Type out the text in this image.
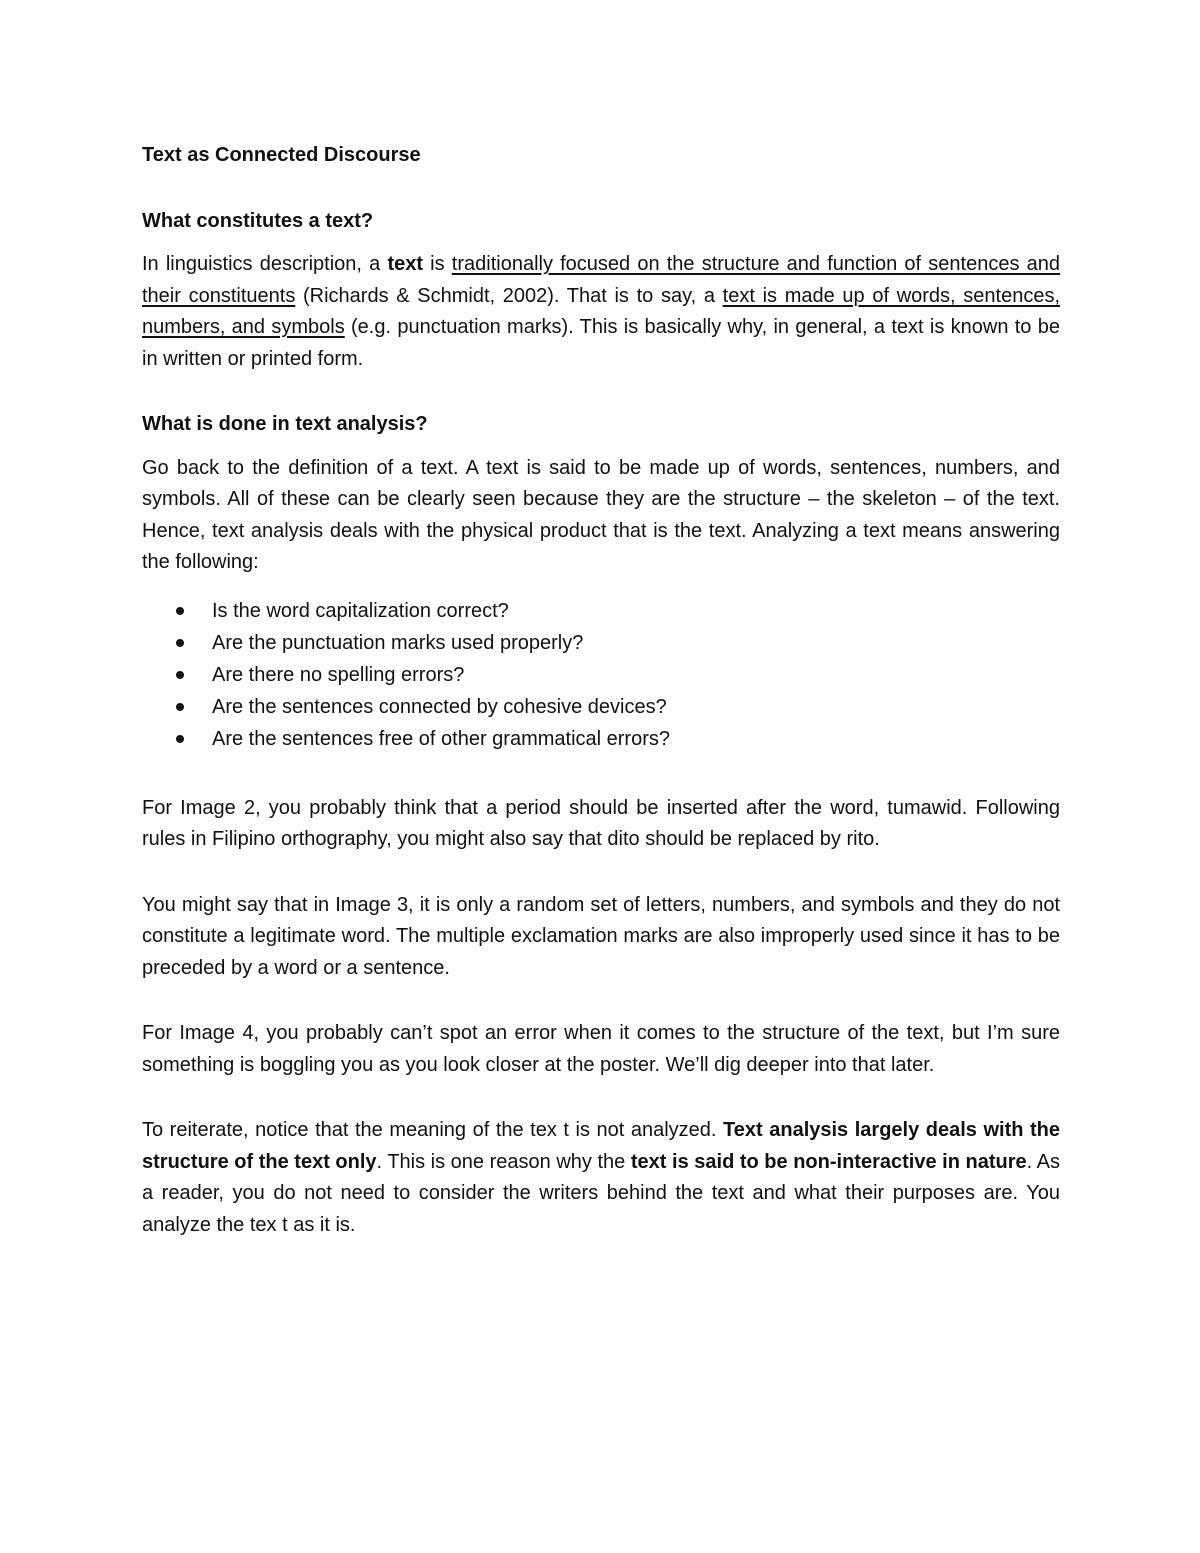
Text as Connected Discourse
What constitutes a text?

In linguistics description, a text is traditionally focused on the structure and function of sentences and their constituents (Richards & Schmidt, 2002). That is to say, a text is made up of words, sentences, numbers, and symbols (e.g. punctuation marks). This is basically why, in general, a text is known to be in written or printed form.

What is done in text analysis?

Go back to the definition of a text. A text is said to be made up of words, sentences, numbers, and symbols. All of these can be clearly seen because they are the structure – the skeleton – of the text. Hence, text analysis deals with the physical product that is the text. Analyzing a text means answering the following:

Is the word capitalization correct?
Are the punctuation marks used properly?
Are there no spelling errors?
Are the sentences connected by cohesive devices?
Are the sentences free of other grammatical errors?

For Image 2, you probably think that a period should be inserted after the word, tumawid. Following rules in Filipino orthography, you might also say that dito should be replaced by rito.

You might say that in Image 3, it is only a random set of letters, numbers, and symbols and they do not constitute a legitimate word. The multiple exclamation marks are also improperly used since it has to be preceded by a word or a sentence.

For Image 4, you probably can’t spot an error when it comes to the structure of the text, but I’m sure something is boggling you as you look closer at the poster. We’ll dig deeper into that later.

To reiterate, notice that the meaning of the tex t is not analyzed. Text analysis largely deals with the structure of the text only. This is one reason why the text is said to be non-interactive in nature. As a reader, you do not need to consider the writers behind the text and what their purposes are. You analyze the tex t as it is.
